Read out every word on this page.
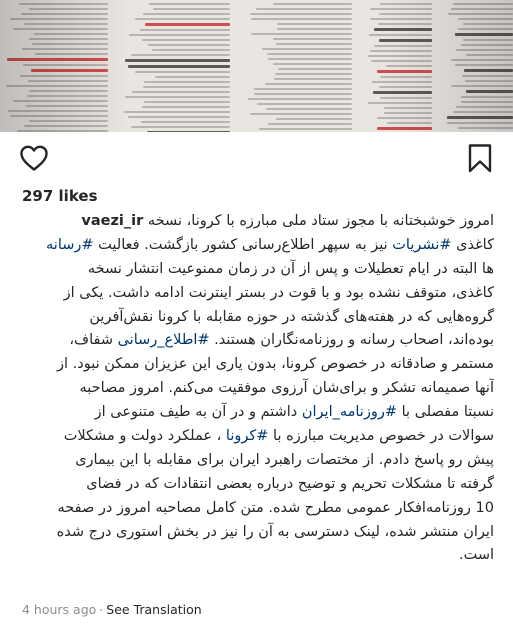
297 likes
امروز خوشبختانه با مجوز ستاد ملی مبارزه با کرونا، نسخه vaezi_ir
کاغذی #نشریات نیز به سپهر اطلاع‌رسانی کشور بازگشت. فعالیت #رسانه
ها البته در ایام تعطیلات و پس از آن در زمان ممنوعیت انتشار نسخه
کاغذی، متوقف نشده بود و با قوت در بستر اینترنت ادامه داشت. یکی از
گروه‌هایی که در هفته‌های گذشته در حوزه مقابله با کرونا نقش‌آفرین
بوده‌اند، اصحاب رسانه و روزنامه‌نگاران هستند. #اطلاع_رسانی شفاف،
مستمر و صادقانه در خصوص کرونا، بدون یاری این عزیزان ممکن نبود. از
آنها صمیمانه تشکر و برای‌شان آرزوی موفقیت می‌کنم. امروز مصاحبه
نسبتا مفصلی با #روزنامه_ایران داشتم و در آن به طیف متنوعی از
سوالات در خصوص مدیریت مبارزه با #کرونا ، عملکرد دولت و مشکلات
پیش رو پاسخ دادم. از مختصات راهبرد ایران برای مقابله با این بیماری
گرفته تا مشکلات تحریم و توضیح درباره بعضی انتقادات که در فضای
10 روزنامه‌افکار عمومی مطرح شده. متن کامل مصاحبه امروز در صفحه
ایران منتشر شده، لینک دسترسی به آن را نیز در بخش استوری درج شده
است.
4 hours ago · See Translation
